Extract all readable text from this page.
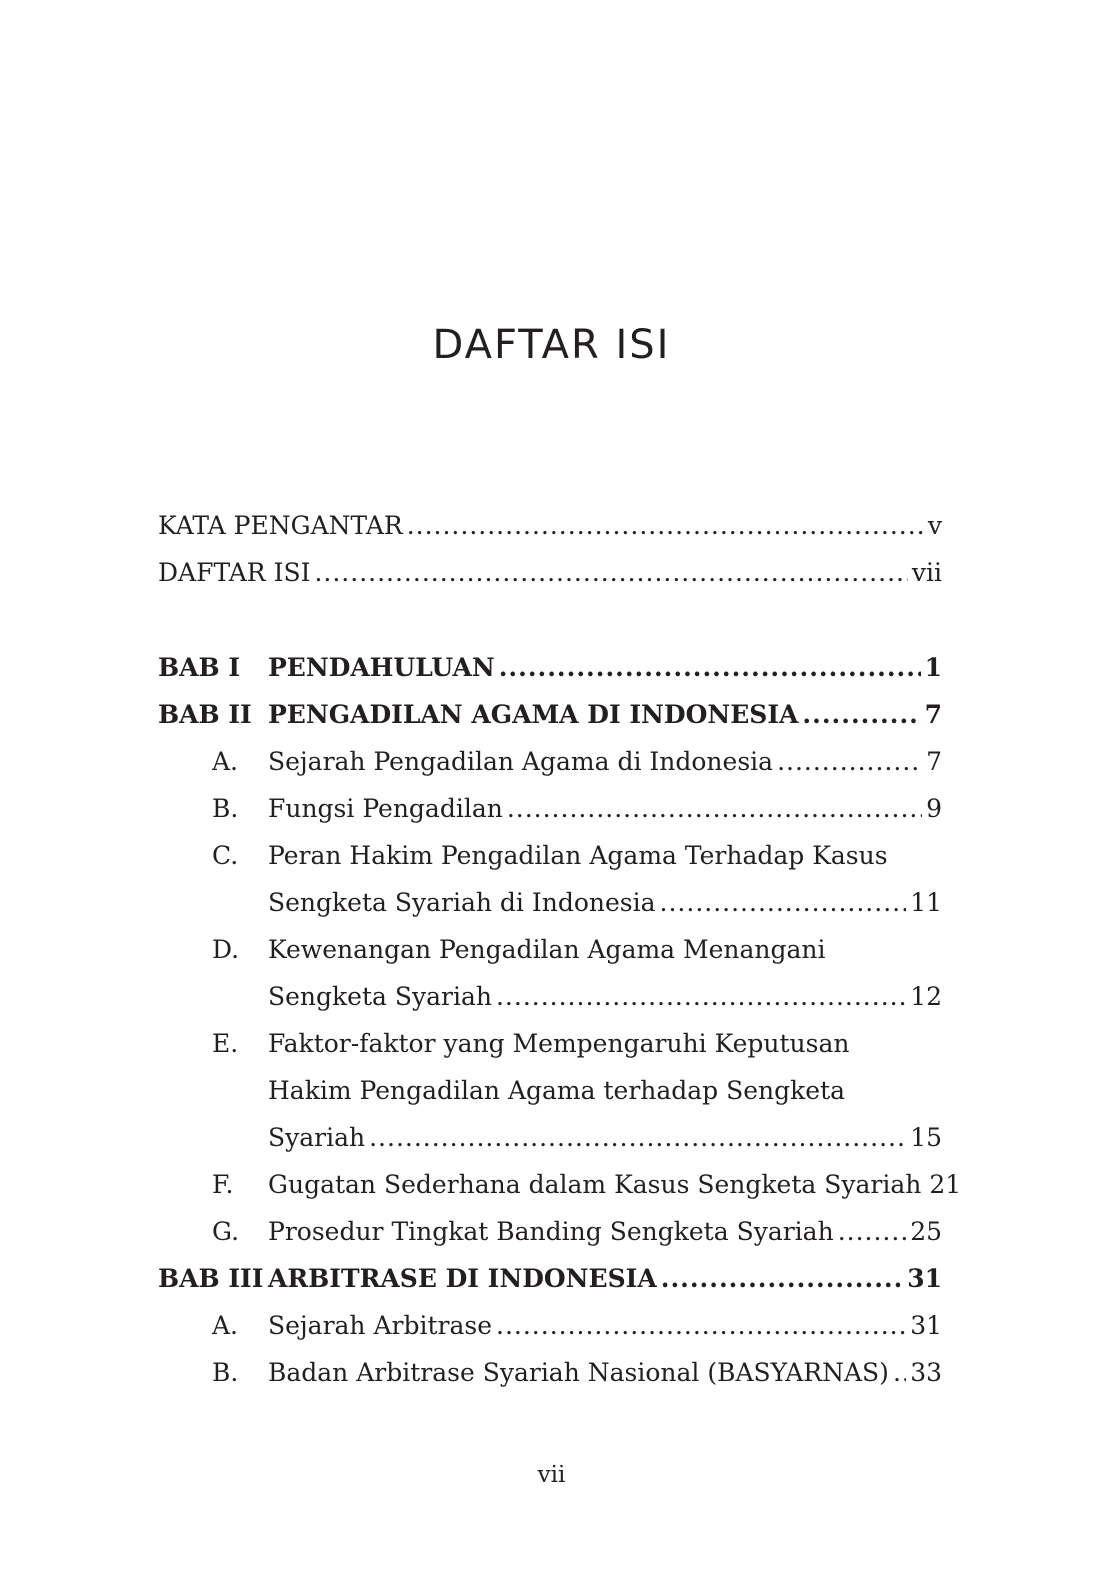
DAFTAR ISI
KATA PENGANTAR .....	v
DAFTAR ISI .....	vii
BAB I PENDAHULUAN .....	1
BAB II PENGADILAN AGAMA DI INDONESIA .....	7
A. Sejarah Pengadilan Agama di Indonesia .....	7
B. Fungsi Pengadilan .....	9
C. Peran Hakim Pengadilan Agama Terhadap Kasus
Sengketa Syariah di Indonesia .....	11
D. Kewenangan Pengadilan Agama Menangani
Sengketa Syariah .....	12
E. Faktor-faktor yang Mempengaruhi Keputusan
Hakim Pengadilan Agama terhadap Sengketa
Syariah .....	15
F. Gugatan Sederhana dalam Kasus Sengketa Syariah 21
G. Prosedur Tingkat Banding Sengketa Syariah .....	25
BAB III ARBITRASE DI INDONESIA .....	31
A. Sejarah Arbitrase .....	31
B. Badan Arbitrase Syariah Nasional (BASYARNAS) ..... 33
vii
